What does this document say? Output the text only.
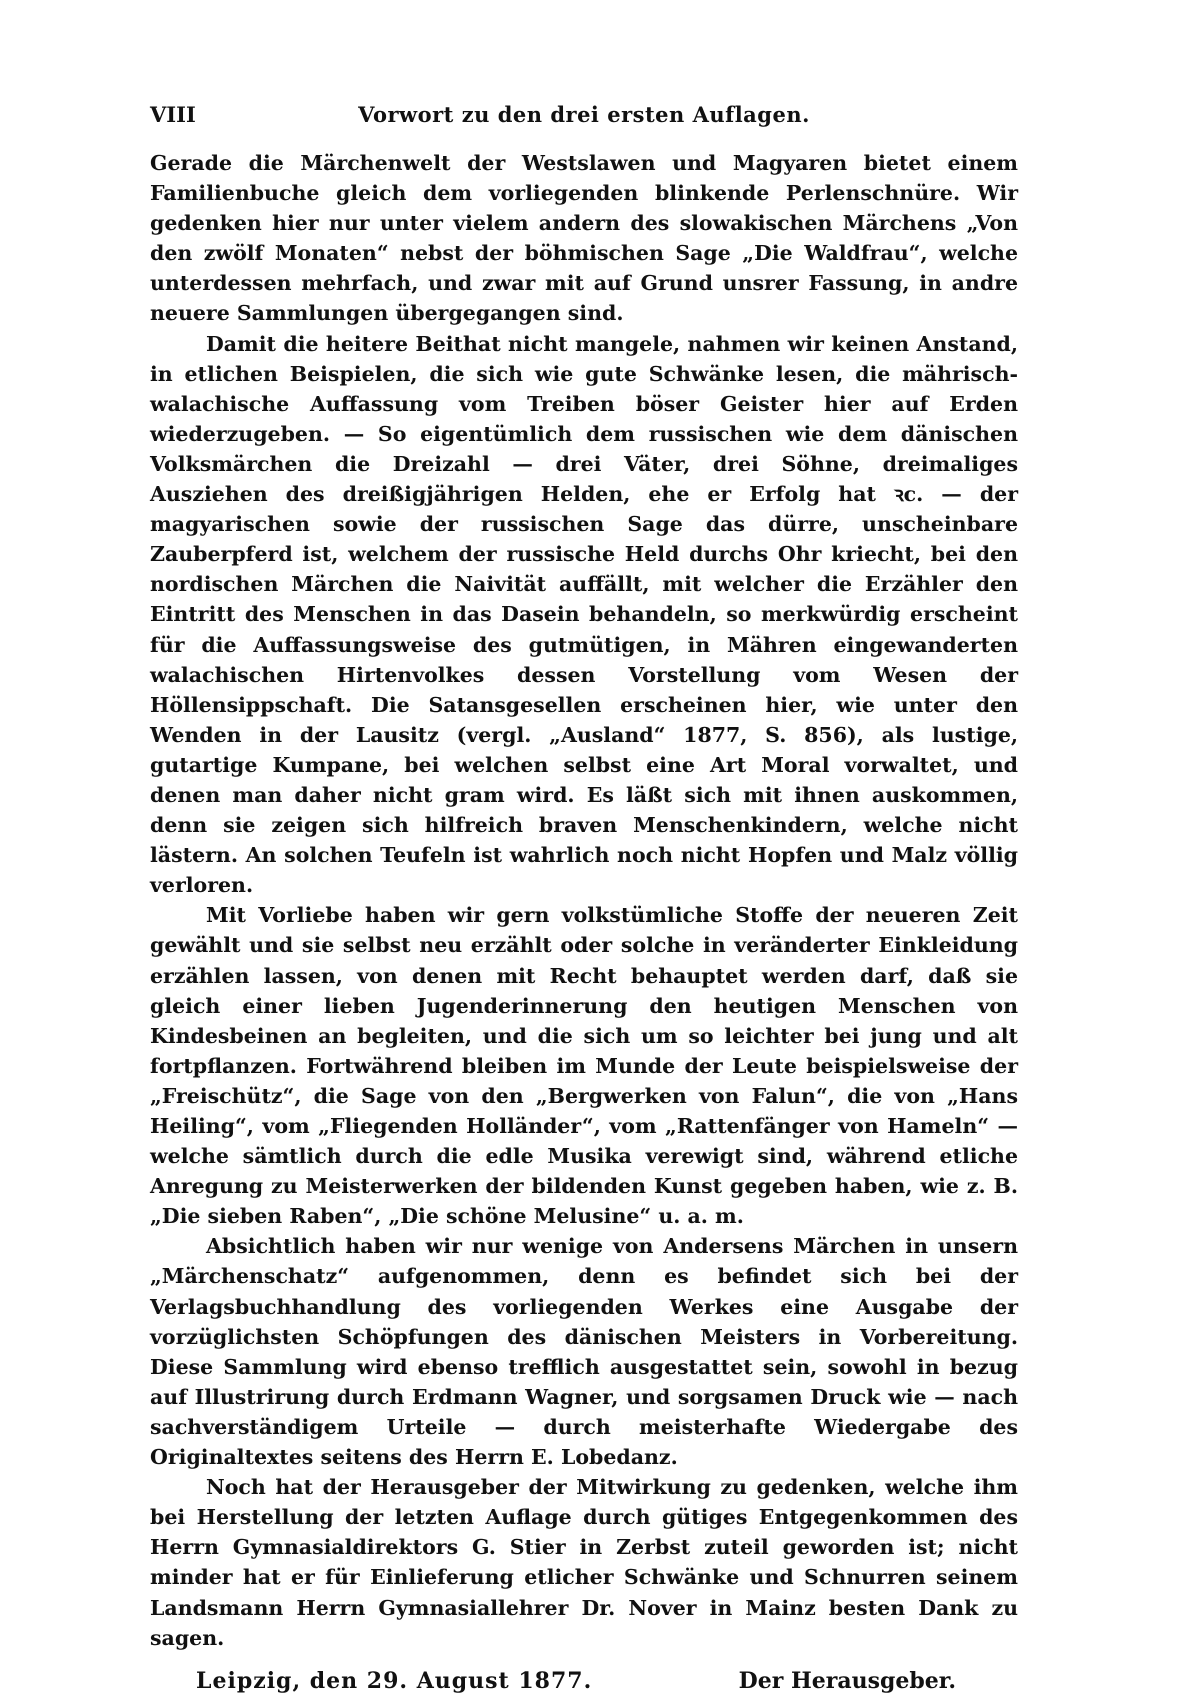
VIII	Vorwort zu den drei ersten Auflagen.

Gerade die Märchenwelt der Westslawen und Magyaren bietet einem Familienbuche gleich dem vorliegenden blinkende Perlenschnüre. Wir gedenken hier nur unter vielem andern des slowakischen Märchens „Von den zwölf Monaten“ nebst der böhmischen Sage „Die Waldfrau“, welche unterdessen mehrfach, und zwar mit auf Grund unsrer Fassung, in andre neuere Sammlungen übergegangen sind.

Damit die heitere Beithat nicht mangele, nahmen wir keinen Anstand, in etlichen Beispielen, die sich wie gute Schwänke lesen, die mährisch-walachische Auffassung vom Treiben böser Geister hier auf Erden wiederzugeben. — So eigentümlich dem russischen wie dem dänischen Volksmärchen die Dreizahl — drei Väter, drei Söhne, dreimaliges Ausziehen des dreißigjährigen Helden, ehe er Erfolg hat ꝛc. — der magyarischen sowie der russischen Sage das dürre, unscheinbare Zauberpferd ist, welchem der russische Held durchs Ohr kriecht, bei den nordischen Märchen die Naivität auffällt, mit welcher die Erzähler den Eintritt des Menschen in das Dasein behandeln, so merkwürdig erscheint für die Auffassungsweise des gutmütigen, in Mähren eingewanderten walachischen Hirtenvolkes dessen Vorstellung vom Wesen der Höllensippschaft. Die Satansgesellen erscheinen hier, wie unter den Wenden in der Lausitz (vergl. „Ausland“ 1877, S. 856), als lustige, gutartige Kumpane, bei welchen selbst eine Art Moral vorwaltet, und denen man daher nicht gram wird. Es läßt sich mit ihnen auskommen, denn sie zeigen sich hilfreich braven Menschenkindern, welche nicht lästern. An solchen Teufeln ist wahrlich noch nicht Hopfen und Malz völlig verloren.

Mit Vorliebe haben wir gern volkstümliche Stoffe der neueren Zeit gewählt und sie selbst neu erzählt oder solche in veränderter Einkleidung erzählen lassen, von denen mit Recht behauptet werden darf, daß sie gleich einer lieben Jugenderinnerung den heutigen Menschen von Kindesbeinen an begleiten, und die sich um so leichter bei jung und alt fortpflanzen. Fortwährend bleiben im Munde der Leute beispielsweise der „Freischütz“, die Sage von den „Bergwerken von Falun“, die von „Hans Heiling“, vom „Fliegenden Holländer“, vom „Rattenfänger von Hameln“ — welche sämtlich durch die edle Musika verewigt sind, während etliche Anregung zu Meisterwerken der bildenden Kunst gegeben haben, wie z. B. „Die sieben Raben“, „Die schöne Melusine“ u. a. m.

Absichtlich haben wir nur wenige von Andersens Märchen in unsern „Märchenschatz“ aufgenommen, denn es befindet sich bei der Verlagsbuchhandlung des vorliegenden Werkes eine Ausgabe der vorzüglichsten Schöpfungen des dänischen Meisters in Vorbereitung. Diese Sammlung wird ebenso trefflich ausgestattet sein, sowohl in bezug auf Illustrirung durch Erdmann Wagner, und sorgsamen Druck wie — nach sachverständigem Urteile — durch meisterhafte Wiedergabe des Originaltextes seitens des Herrn E. Lobedanz.

Noch hat der Herausgeber der Mitwirkung zu gedenken, welche ihm bei Herstellung der letzten Auflage durch gütiges Entgegenkommen des Herrn Gymnasialdirektors G. Stier in Zerbst zuteil geworden ist; nicht minder hat er für Einlieferung etlicher Schwänke und Schnurren seinem Landsmann Herrn Gymnasiallehrer Dr. Nover in Mainz besten Dank zu sagen.

Leipzig, den 29. August 1877.	Der Herausgeber.
